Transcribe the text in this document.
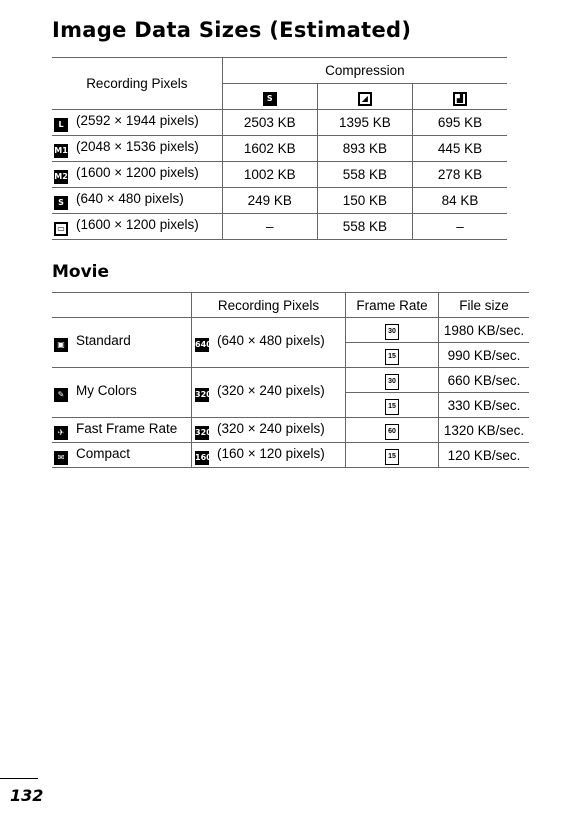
Image Data Sizes (Estimated)
Recording Pixels	Compression		
	S	◢	▟
L (2592 × 1944 pixels)	2503 KB	1395 KB	695 KB
M1 (2048 × 1536 pixels)	1602 KB	893 KB	445 KB
M2 (1600 × 1200 pixels)	1002 KB	558 KB	278 KB
S (640 × 480 pixels)	249 KB	150 KB	84 KB
▭ (1600 × 1200 pixels)	–	558 KB	–
Movie
	Recording Pixels	Frame Rate	File size
▣ Standard	640 (640 × 480 pixels)	30	1980 KB/sec.
		15	990 KB/sec.
✎ My Colors	320 (320 × 240 pixels)	30	660 KB/sec.
		15	330 KB/sec.
✈ Fast Frame Rate	320 (320 × 240 pixels)	60	1320 KB/sec.
✉ Compact	160 (160 × 120 pixels)	15	120 KB/sec.
132
